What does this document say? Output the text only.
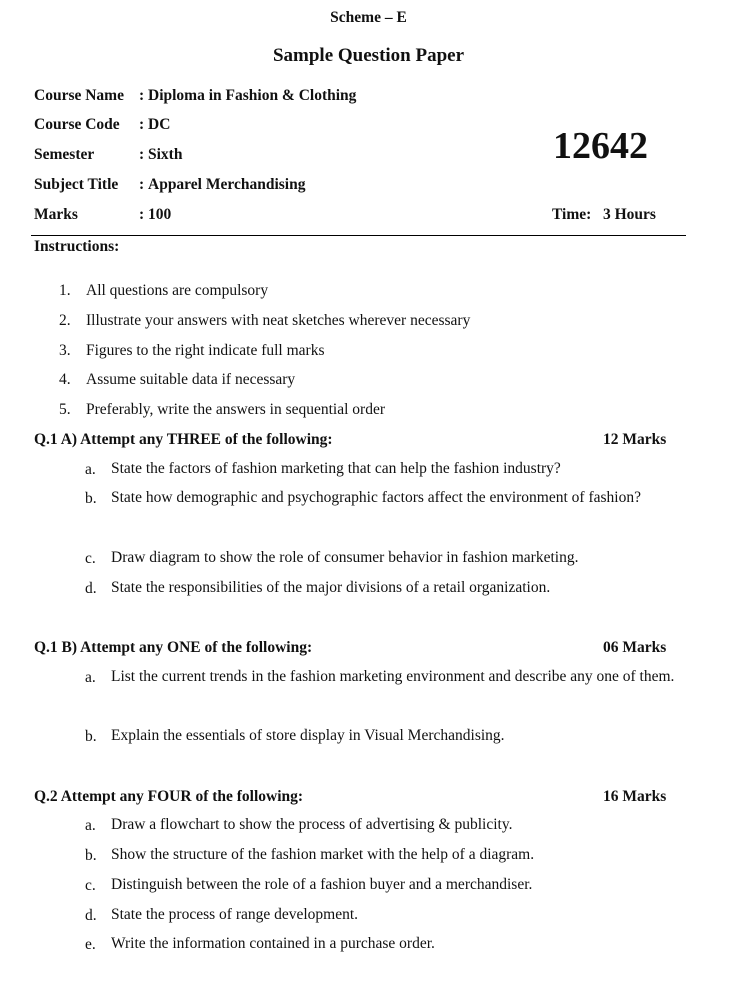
Scheme – E
Sample Question Paper
Course Name : Diploma in Fashion & Clothing
Course Code : DC
Semester	: Sixth
Subject Title : Apparel Merchandising
Marks	: 100
12642
Time: 3 Hours
Instructions:
1. All questions are compulsory
2. Illustrate your answers with neat sketches wherever necessary
3. Figures to the right indicate full marks
4. Assume suitable data if necessary
5. Preferably, write the answers in sequential order
Q.1 A) Attempt any THREE of the following:	12 Marks
a. State the factors of fashion marketing that can help the fashion industry?
b. State how demographic and psychographic factors affect the environment of fashion?
c. Draw diagram to show the role of consumer behavior in fashion marketing.
d. State the responsibilities of the major divisions of a retail organization.
Q.1 B) Attempt any ONE of the following:	06 Marks
a. List the current trends in the fashion marketing environment and describe any one of them.
b. Explain the essentials of store display in Visual Merchandising.
Q.2 Attempt any FOUR of the following:	16 Marks
a. Draw a flowchart to show the process of advertising & publicity.
b. Show the structure of the fashion market with the help of a diagram.
c. Distinguish between the role of a fashion buyer and a merchandiser.
d. State the process of range development.
e. Write the information contained in a purchase order.
